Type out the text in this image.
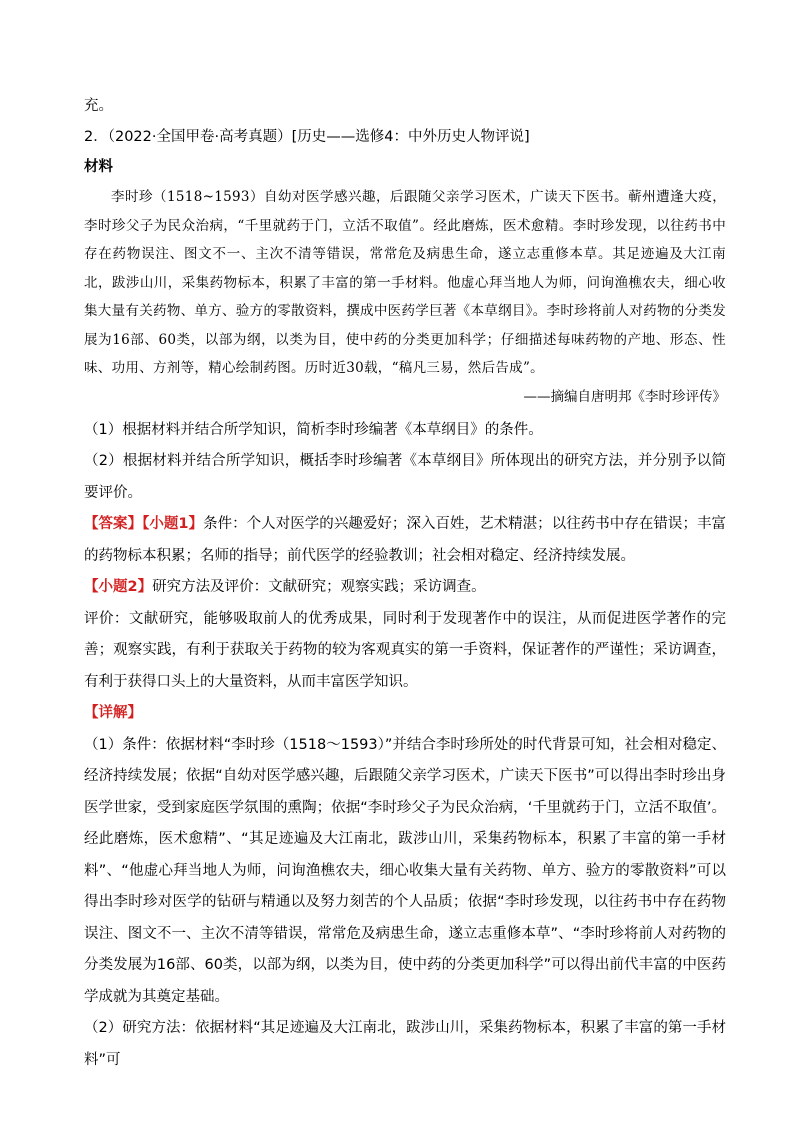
充。

2．（2022·全国甲卷·高考真题）[历史——选修4：中外历史人物评说]

材料

李时珍（1518~1593）自幼对医学感兴趣，后跟随父亲学习医术，广读天下医书。蕲州遭逢大疫，李时珍父子为民众治病，“千里就药于门，立活不取值”。经此磨炼，医术愈精。李时珍发现，以往药书中存在药物误注、图文不一、主次不清等错误，常常危及病患生命，遂立志重修本草。其足迹遍及大江南北，跋涉山川，采集药物标本，积累了丰富的第一手材料。他虚心拜当地人为师，问询渔樵农夫，细心收集大量有关药物、单方、验方的零散资料，撰成中医药学巨著《本草纲目》。李时珍将前人对药物的分类发展为16部、60类，以部为纲，以类为目，使中药的分类更加科学；仔细描述每味药物的产地、形态、性味、功用、方剂等，精心绘制药图。历时近30载，“稿凡三易，然后告成”。

——摘编自唐明邦《李时珍评传》

（1）根据材料并结合所学知识，简析李时珍编著《本草纲目》的条件。

（2）根据材料并结合所学知识，概括李时珍编著《本草纲目》所体现出的研究方法，并分别予以简要评价。

【答案】【小题1】条件：个人对医学的兴趣爱好；深入百姓，艺术精湛；以往药书中存在错误；丰富的药物标本积累；名师的指导；前代医学的经验教训；社会相对稳定、经济持续发展。

【小题2】研究方法及评价：文献研究；观察实践；采访调查。

评价：文献研究，能够吸取前人的优秀成果，同时利于发现著作中的误注，从而促进医学著作的完善；观察实践，有利于获取关于药物的较为客观真实的第一手资料，保证著作的严谨性；采访调查，有利于获得口头上的大量资料，从而丰富医学知识。

【详解】

（1）条件：依据材料“李时珍（1518～1593）”并结合李时珍所处的时代背景可知，社会相对稳定、经济持续发展；依据“自幼对医学感兴趣，后跟随父亲学习医术，广读天下医书”可以得出李时珍出身医学世家，受到家庭医学氛围的熏陶；依据“李时珍父子为民众治病，‘千里就药于门，立活不取值’。经此磨炼，医术愈精”、“其足迹遍及大江南北，跋涉山川，采集药物标本，积累了丰富的第一手材料”、“他虚心拜当地人为师，问询渔樵农夫，细心收集大量有关药物、单方、验方的零散资料”可以得出李时珍对医学的钻研与精通以及努力刻苦的个人品质；依据“李时珍发现，以往药书中存在药物误注、图文不一、主次不清等错误，常常危及病患生命，遂立志重修本草”、“李时珍将前人对药物的分类发展为16部、60类，以部为纲，以类为目，使中药的分类更加科学”可以得出前代丰富的中医药学成就为其奠定基础。

（2）研究方法：依据材料“其足迹遍及大江南北，跋涉山川，采集药物标本，积累了丰富的第一手材料”可
